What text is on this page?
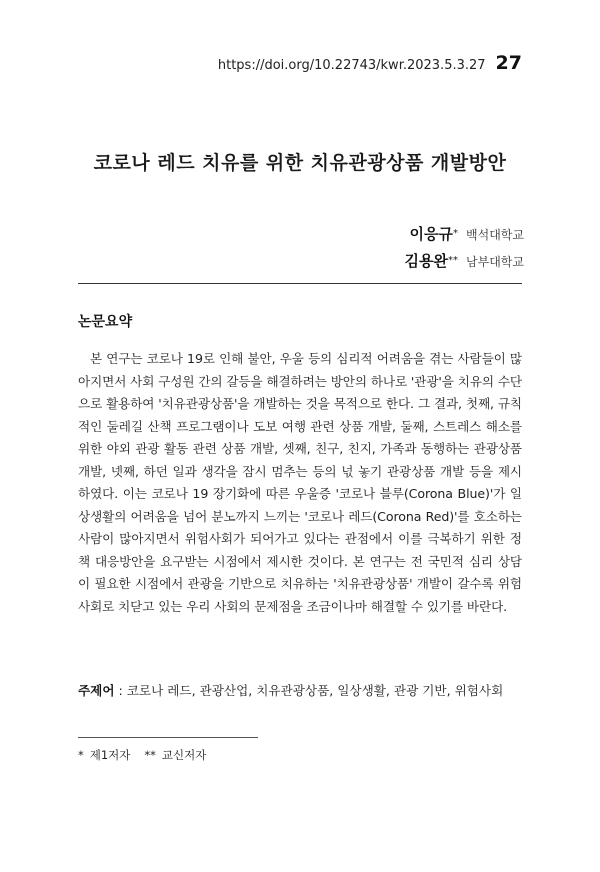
https://doi.org/10.22743/kwr.2023.5.3.27 27
코로나 레드 치유를 위한 치유관광상품 개발방안
이응규* 백석대학교
김용완** 남부대학교
논문요약

본 연구는 코로나 19로 인해 불안, 우울 등의 심리적 어려움을 겪는 사람들이 많아지면서 사회 구성원 간의 갈등을 해결하려는 방안의 하나로 '관광'을 치유의 수단으로 활용하여 '치유관광상품'을 개발하는 것을 목적으로 한다. 그 결과, 첫째, 규칙적인 둘레길 산책 프로그램이나 도보 여행 관련 상품 개발, 둘째, 스트레스 해소를 위한 야외 관광 활동 관련 상품 개발, 셋째, 친구, 친지, 가족과 동행하는 관광상품 개발, 넷째, 하던 일과 생각을 잠시 멈추는 등의 넋 놓기 관광상품 개발 등을 제시하였다. 이는 코로나 19 장기화에 따른 우울증 '코로나 블루(Corona Blue)'가 일상생활의 어려움을 넘어 분노까지 느끼는 '코로나 레드(Corona Red)'를 호소하는 사람이 많아지면서 위험사회가 되어가고 있다는 관점에서 이를 극복하기 위한 정책 대응방안을 요구받는 시점에서 제시한 것이다. 본 연구는 전 국민적 심리 상담이 필요한 시점에서 관광을 기반으로 치유하는 '치유관광상품' 개발이 갈수록 위험사회로 치닫고 있는 우리 사회의 문제점을 조금이나마 해결할 수 있기를 바란다.

주제어 : 코로나 레드, 관광산업, 치유관광상품, 일상생활, 관광 기반, 위험사회
* 제1저자 ** 교신저자
